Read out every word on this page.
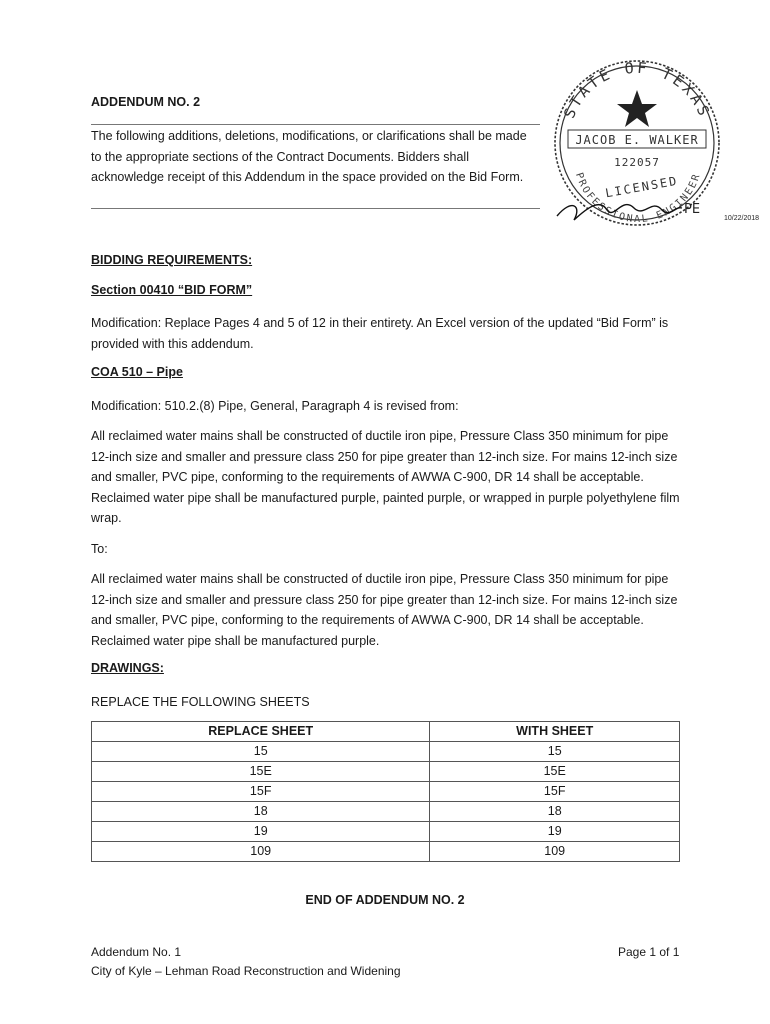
ADDENDUM NO. 2
The following additions, deletions, modifications, or clarifications shall be made to the appropriate sections of the Contract Documents. Bidders shall acknowledge receipt of this Addendum in the space provided on the Bid Form.
STATE OF TEXAS
JACOB E. WALKER
122057
LICENSED
PROFESSIONAL ENGINEER
PE
10/22/2018
BIDDING REQUIREMENTS:
Section 00410 “BID FORM”
Modification: Replace Pages 4 and 5 of 12 in their entirety. An Excel version of the updated “Bid Form” is provided with this addendum.
COA 510 – Pipe
Modification: 510.2.(8) Pipe, General, Paragraph 4 is revised from:
All reclaimed water mains shall be constructed of ductile iron pipe, Pressure Class 350 minimum for pipe 12-inch size and smaller and pressure class 250 for pipe greater than 12-inch size. For mains 12-inch size and smaller, PVC pipe, conforming to the requirements of AWWA C-900, DR 14 shall be acceptable. Reclaimed water pipe shall be manufactured purple, painted purple, or wrapped in purple polyethylene film wrap.
To:
All reclaimed water mains shall be constructed of ductile iron pipe, Pressure Class 350 minimum for pipe 12-inch size and smaller and pressure class 250 for pipe greater than 12-inch size. For mains 12-inch size and smaller, PVC pipe, conforming to the requirements of AWWA C-900, DR 14 shall be acceptable. Reclaimed water pipe shall be manufactured purple.
DRAWINGS:
REPLACE THE FOLLOWING SHEETS
REPLACE SHEET	WITH SHEET
15	15
15E	15E
15F	15F
18	18
19	19
109	109
END OF ADDENDUM NO. 2
Addendum No. 1
City of Kyle – Lehman Road Reconstruction and Widening
Page 1 of 1
